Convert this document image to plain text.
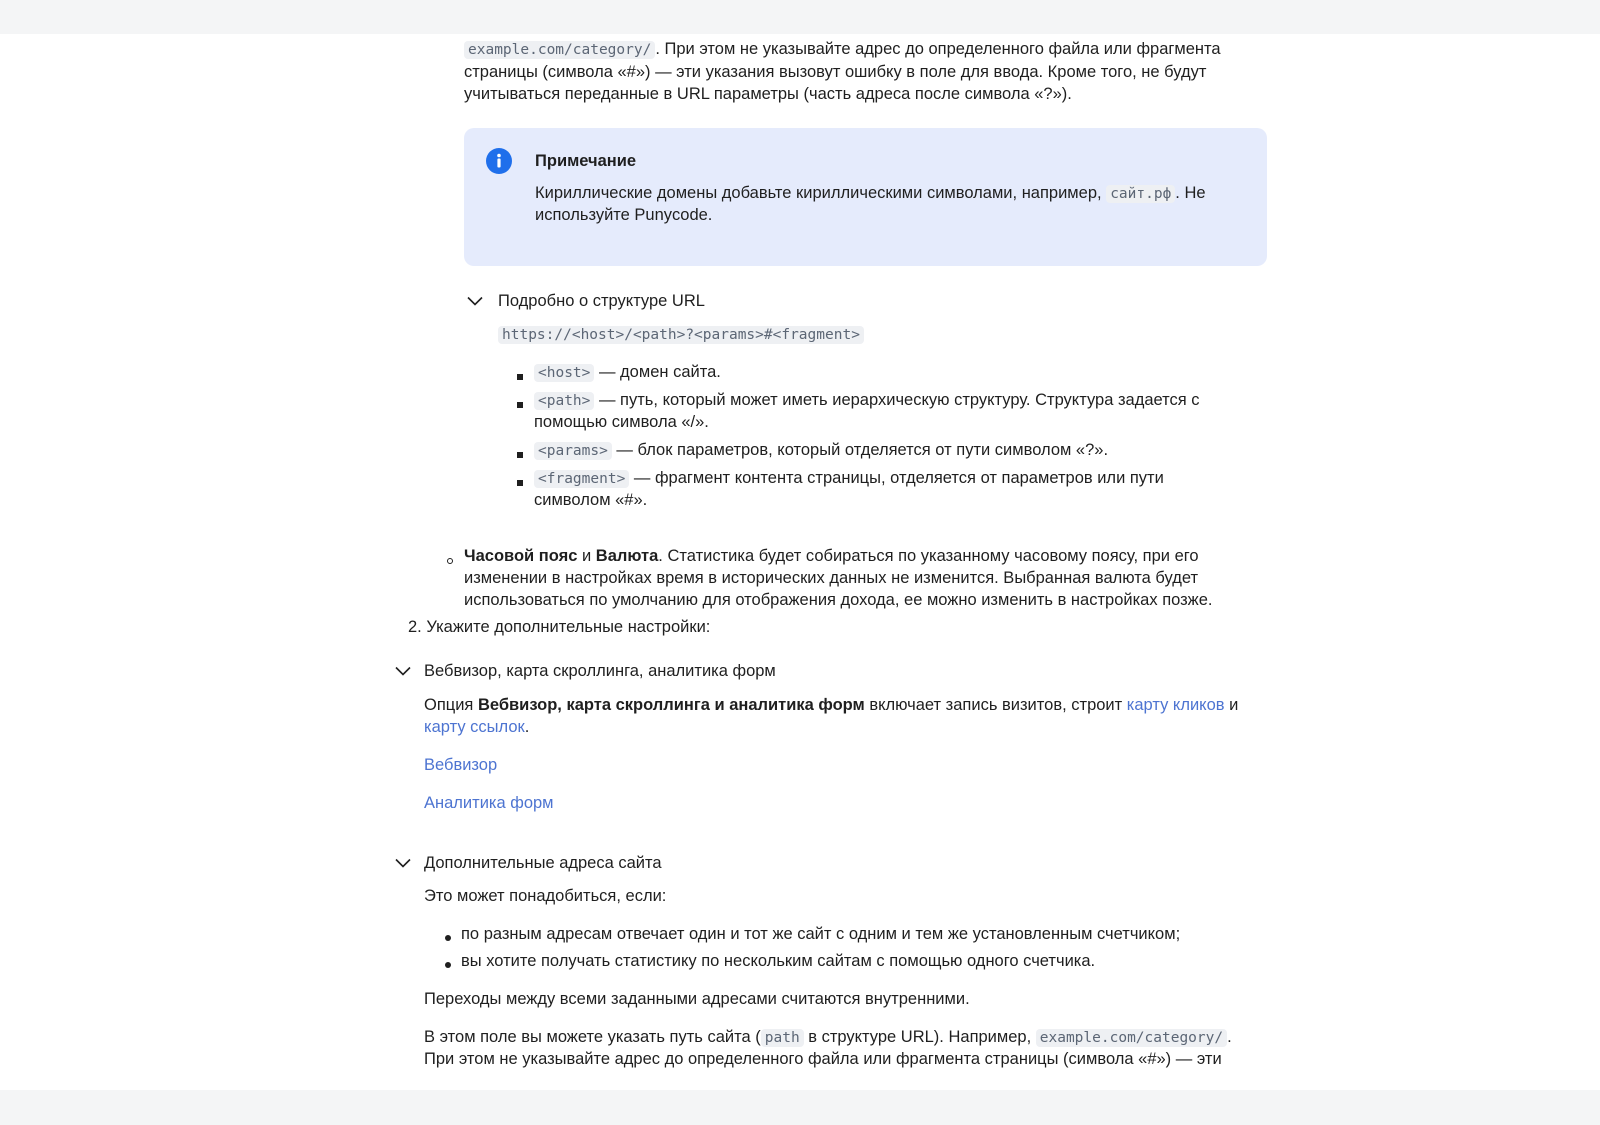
example.com/category/ . При этом не указывайте адрес до определенного файла или фрагмента
страницы (символа «#») — эти указания вызовут ошибку в поле для ввода. Кроме того, не будут
учитываться переданные в URL параметры (часть адреса после символа «?»).
Примечание
Кириллические домены добавьте кириллическими символами, например, сайт.рф . Не
используйте Punycode.
Подробно о структуре URL
https://<host>/<path>?<params>#<fragment>
<host> — домен сайта.
<path> — путь, который может иметь иерархическую структуру. Структура задается с
помощью символа «/».
<params> — блок параметров, который отделяется от пути символом «?».
<fragment> — фрагмент контента страницы, отделяется от параметров или пути
символом «#».
Часовой пояс и Валюта. Статистика будет собираться по указанному часовому поясу, при его
изменении в настройках время в исторических данных не изменится. Выбранная валюта будет
использоваться по умолчанию для отображения дохода, ее можно изменить в настройках позже.
2. Укажите дополнительные настройки:
Вебвизор, карта скроллинга, аналитика форм
Опция Вебвизор, карта скроллинга и аналитика форм включает запись визитов, строит карту кликов и
карту ссылок.
Вебвизор
Аналитика форм
Дополнительные адреса сайта
Это может понадобиться, если:
по разным адресам отвечает один и тот же сайт с одним и тем же установленным счетчиком;
вы хотите получать статистику по нескольким сайтам с помощью одного счетчика.
Переходы между всеми заданными адресами считаются внутренними.
В этом поле вы можете указать путь сайта ( path в структуре URL). Например, example.com/category/ .
При этом не указывайте адрес до определенного файла или фрагмента страницы (символа «#») — эти
